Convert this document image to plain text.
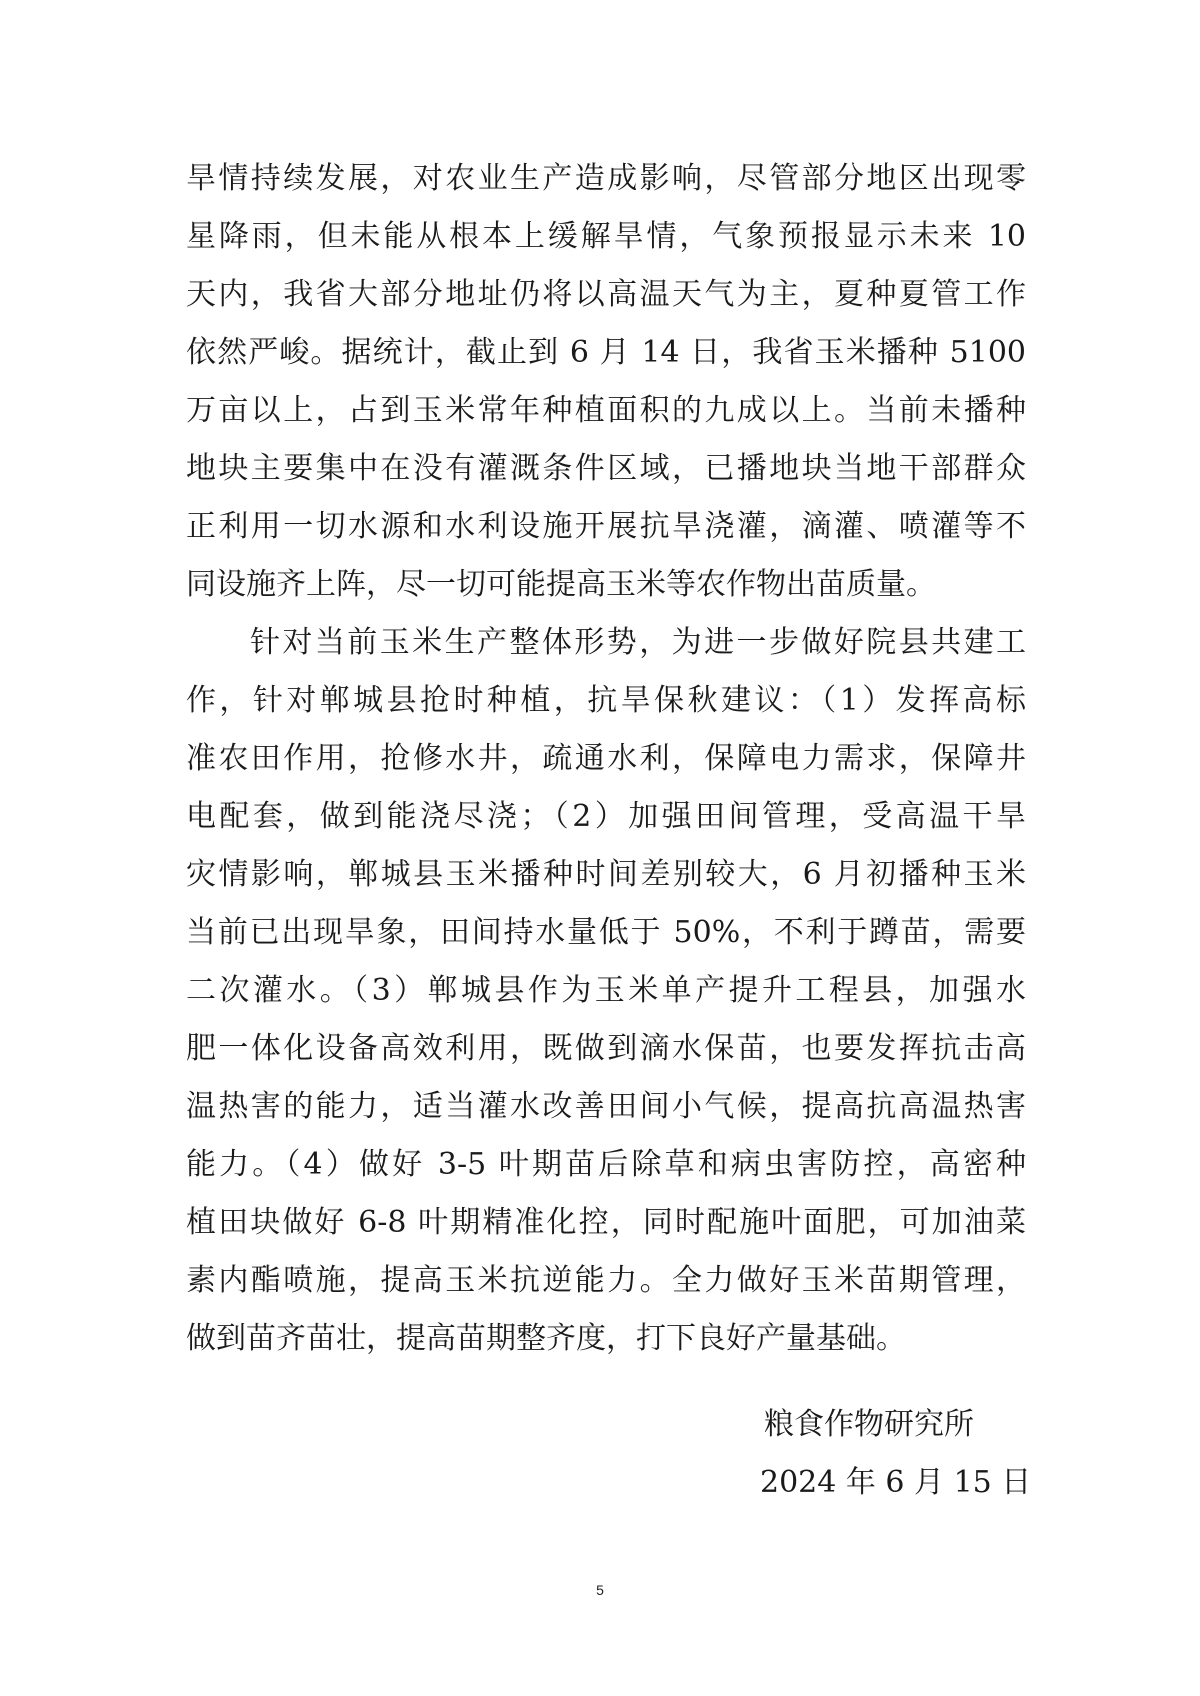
旱情持续发展，对农业生产造成影响，尽管部分地区出现零
星降雨，但未能从根本上缓解旱情，气象预报显示未来 10
天内，我省大部分地址仍将以高温天气为主，夏种夏管工作
依然严峻。据统计，截止到 6 月 14 日，我省玉米播种 5100
万亩以上，占到玉米常年种植面积的九成以上。当前未播种
地块主要集中在没有灌溉条件区域，已播地块当地干部群众
正利用一切水源和水利设施开展抗旱浇灌，滴灌、喷灌等不
同设施齐上阵，尽一切可能提高玉米等农作物出苗质量。
针对当前玉米生产整体形势，为进一步做好院县共建工
作，针对郸城县抢时种植，抗旱保秋建议：（1）发挥高标
准农田作用，抢修水井，疏通水利，保障电力需求，保障井
电配套，做到能浇尽浇；（2）加强田间管理，受高温干旱
灾情影响，郸城县玉米播种时间差别较大，6 月初播种玉米
当前已出现旱象，田间持水量低于 50%，不利于蹲苗，需要
二次灌水。（3）郸城县作为玉米单产提升工程县，加强水
肥一体化设备高效利用，既做到滴水保苗，也要发挥抗击高
温热害的能力，适当灌水改善田间小气候，提高抗高温热害
能力。（4）做好 3-5 叶期苗后除草和病虫害防控，高密种
植田块做好 6-8 叶期精准化控，同时配施叶面肥，可加油菜
素内酯喷施，提高玉米抗逆能力。全力做好玉米苗期管理，
做到苗齐苗壮，提高苗期整齐度，打下良好产量基础。
粮食作物研究所
2024 年 6 月 15 日
5
